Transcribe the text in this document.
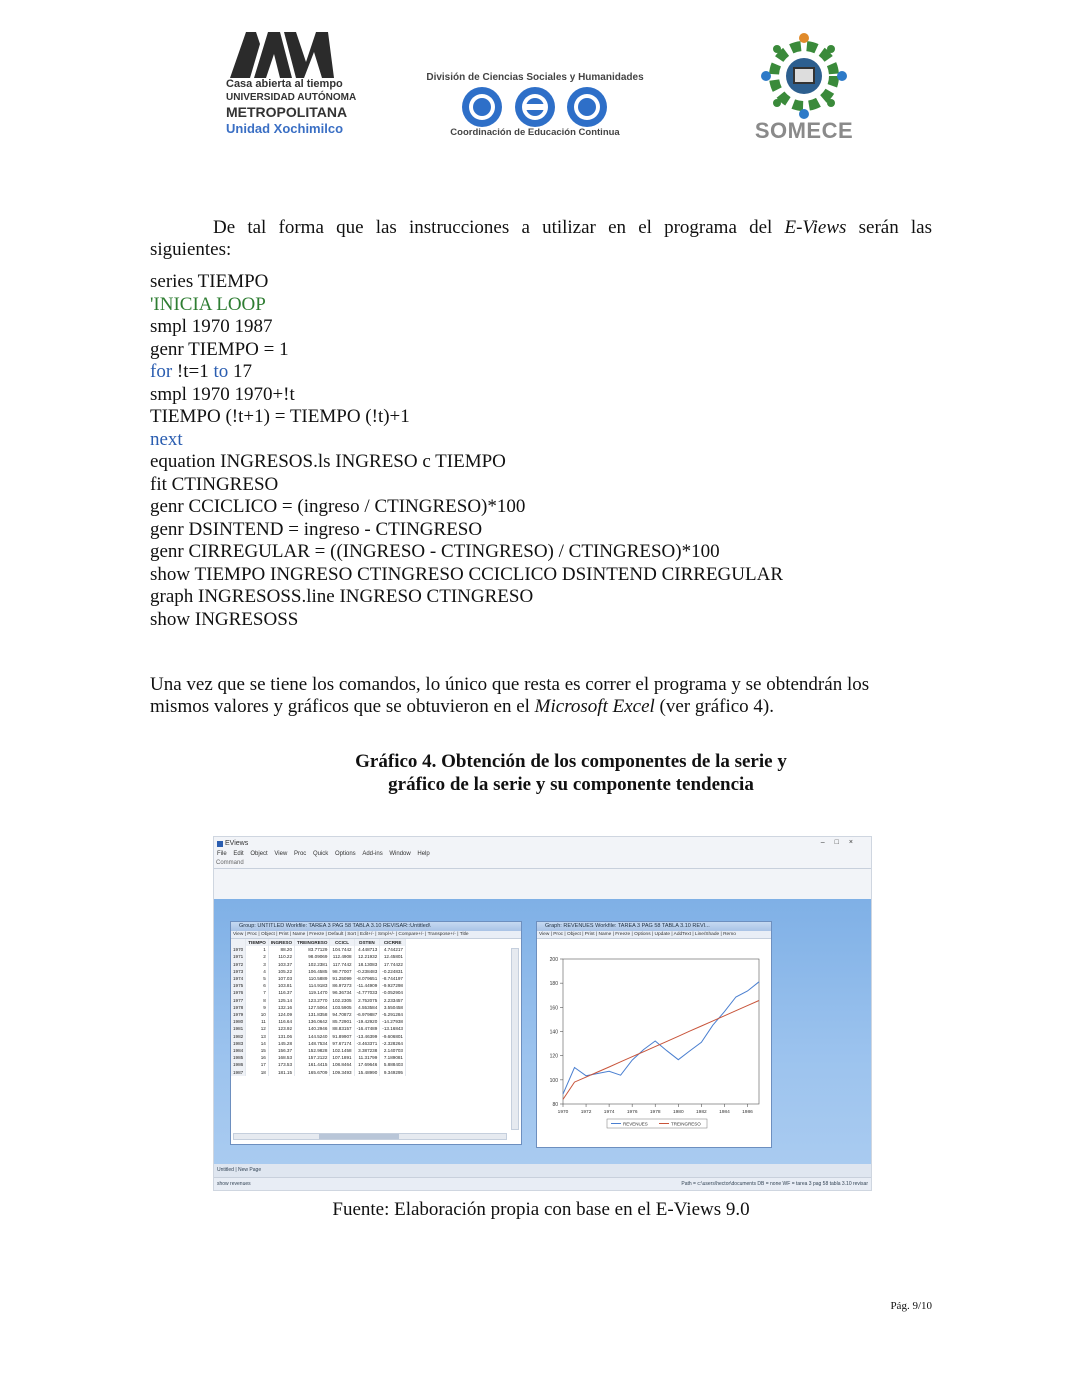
Casa abierta al tiempo
UNIVERSIDAD AUTÓNOMA
METROPOLITANA
Unidad Xochimilco
División de Ciencias Sociales y Humanidades
Coordinación de Educación Continua	SOMECE
De tal forma que las instrucciones a utilizar en el programa del E-Views serán las
siguientes:
series TIEMPO
'INICIA LOOP
smpl 1970 1987
genr TIEMPO = 1
for !t=1 to 17
smpl 1970 1970+!t
TIEMPO (!t+1) = TIEMPO (!t)+1
next
equation INGRESOS.ls INGRESO c TIEMPO
fit CTINGRESO
genr CCICLICO = (ingreso / CTINGRESO)*100
genr DSINTEND = ingreso - CTINGRESO
genr CIRREGULAR = ((INGRESO - CTINGRESO) / CTINGRESO)*100
show TIEMPO INGRESO CTINGRESO CCICLICO DSINTEND CIRREGULAR
graph INGRESOSS.line INGRESO CTINGRESO
show INGRESOSS
Una vez que se tiene los comandos, lo único que resta es correr el programa y se obtendrán los
mismos valores y gráficos que se obtuvieron en el Microsoft Excel (ver gráfico 4).
Gráfico 4. Obtención de los componentes de la serie y
gráfico de la serie y su componente tendencia
EViews	–□×
File Edit Object View Proc Quick Options Add-ins Window Help
Command
Group: UNTITLED Workfile: TAREA 3 PAG 58 TABLA 3.10 REVISAR::Untitled\
View | Proc | Object | Print | Name | Freeze | Default | Sort | Edit+/- | Smpl+/- | Compare+/- | Transpose+/- | Title
	TIEMPO	INGRESO	TREINGRESO	CCICL	DSTEN	CICRRE
1970	1	88.20	83.77129	104.7442	4.448713	4.744217
1971	2	110.22	98.09069	112.4908	12.21932	12.45801
1972	3	103.37	102.2381	117.7442	18.13083	17.74422
1973	4	105.22	106.4585	98.77007	-0.238483	-0.224831
1974	5	107.03	110.5889	91.25099	-8.079651	-8.744197
1975	6	103.81	114.9183	86.97273	-11.44909	-9.927298
1976	7	116.37	119.1470	96.36734	-4.777033	-0.052904
1977	8	125.14	123.2770	102.2305	2.752075	2.233457
1978	9	132.16	127.5064	103.5905	4.553584	3.550458
1979	10	124.09	131.8358	94.70872	-6.979887	-5.291284
1980	11	116.64	136.0642	85.72901	-19.42920	-14.27938
1981	12	123.92	140.2946	88.83157	-16.47489	-13.16843
1982	13	131.06	144.5240	91.89907	-13.46399	-9.606801
1983	14	145.28	148.7534	97.67174	-3.463371	-2.328264
1984	15	156.37	152.9828	102.1458	3.387238	2.140703
1985	16	168.53	157.2122	107.1891	11.31799	7.189081
1986	17	173.53	161.4415	108.8464	17.69646	5.888403
1987	18	181.15	165.6709	109.3493	15.48990	9.349295
Graph: REVENUES Workfile: TAREA 3 PAG 58 TABLA 3.10 REVI...
View | Proc | Object | Print | Name | Freeze | Options | Update | AddText | Line/Shade | Remo
80
100
120
140
160
180
200
1970	1972	1974	1976	1978	1980	1982	1984	1986
REVENUES	TREINGRESO
Untitled | New Page
show revenues	Path = c:\users\hector\documents DB = none WF = tarea 3 pag 58 tabla 3.10 revisar
Fuente: Elaboración propia con base en el E-Views 9.0
Pág. 9/10
